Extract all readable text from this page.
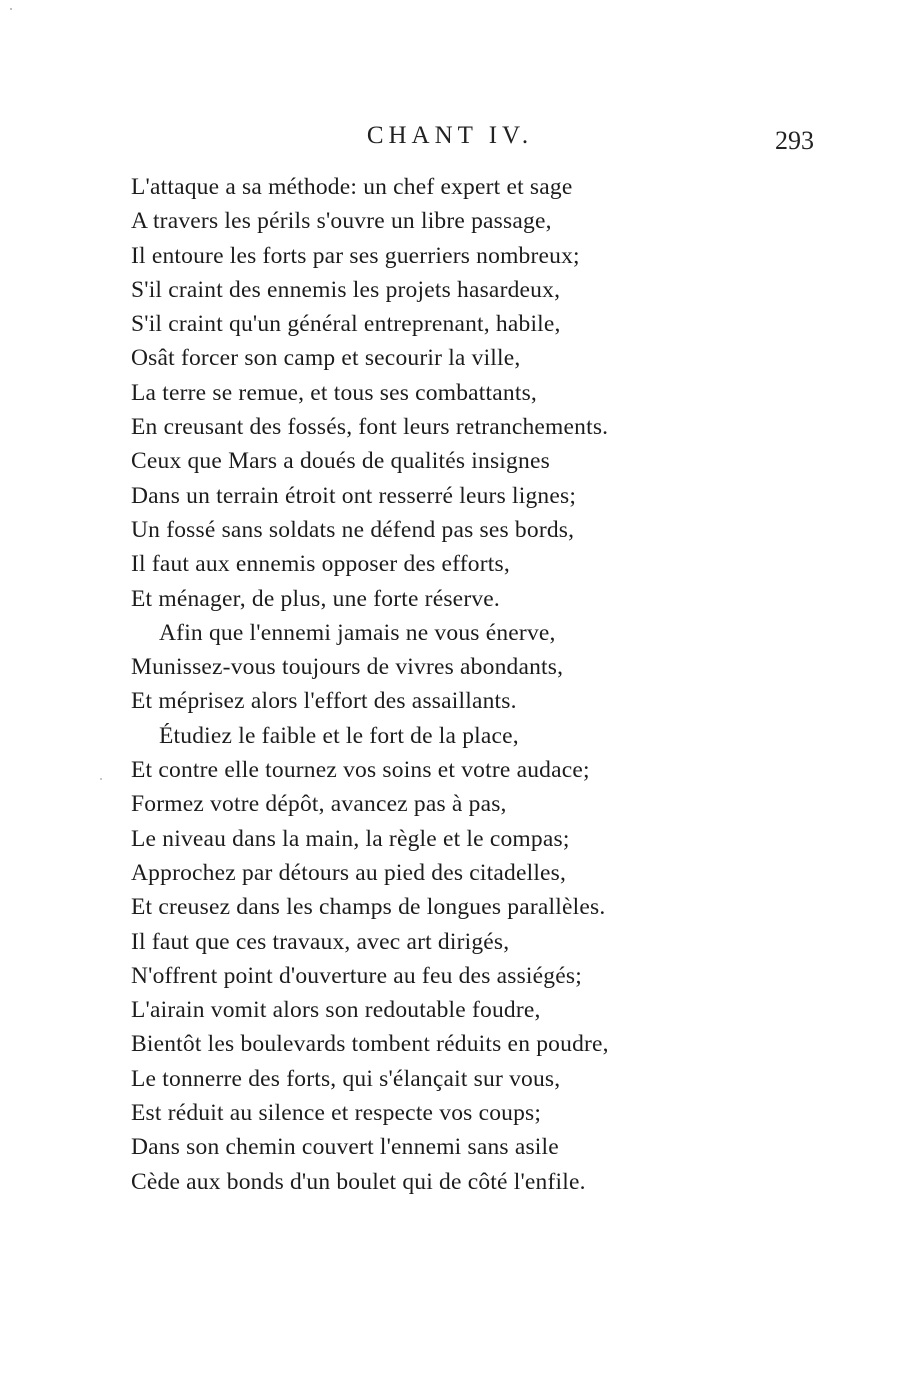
CHANT IV.	293
L'attaque a sa méthode: un chef expert et sage
A travers les périls s'ouvre un libre passage,
Il entoure les forts par ses guerriers nombreux;
S'il craint des ennemis les projets hasardeux,
S'il craint qu'un général entreprenant, habile,
Osât forcer son camp et secourir la ville,
La terre se remue, et tous ses combattants,
En creusant des fossés, font leurs retranchements.
Ceux que Mars a doués de qualités insignes
Dans un terrain étroit ont resserré leurs lignes;
Un fossé sans soldats ne défend pas ses bords,
Il faut aux ennemis opposer des efforts,
Et ménager, de plus, une forte réserve.
Afin que l'ennemi jamais ne vous énerve,
Munissez-vous toujours de vivres abondants,
Et méprisez alors l'effort des assaillants.
Étudiez le faible et le fort de la place,
Et contre elle tournez vos soins et votre audace;
Formez votre dépôt, avancez pas à pas,
Le niveau dans la main, la règle et le compas;
Approchez par détours au pied des citadelles,
Et creusez dans les champs de longues parallèles.
Il faut que ces travaux, avec art dirigés,
N'offrent point d'ouverture au feu des assiégés;
L'airain vomit alors son redoutable foudre,
Bientôt les boulevards tombent réduits en poudre,
Le tonnerre des forts, qui s'élançait sur vous,
Est réduit au silence et respecte vos coups;
Dans son chemin couvert l'ennemi sans asile
Cède aux bonds d'un boulet qui de côté l'enfile.
